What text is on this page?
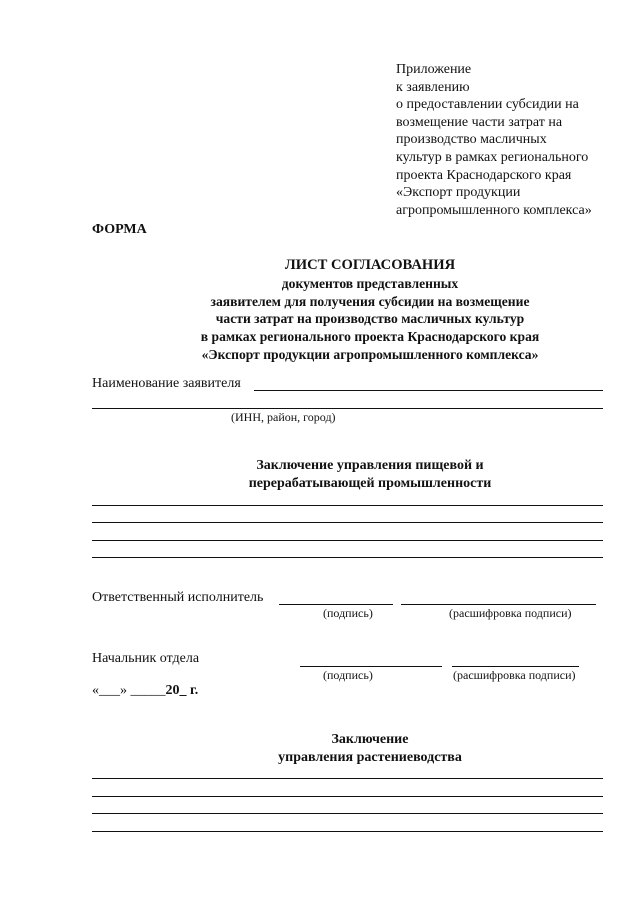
Приложение
к заявлению
о предоставлении субсидии на
возмещение части затрат на
производство масличных
культур в рамках регионального
проекта Краснодарского края
«Экспорт продукции
агропромышленного комплекса»
ФОРМА
ЛИСТ СОГЛАСОВАНИЯ
документов представленных
заявителем для получения субсидии на возмещение
части затрат на производство масличных культур
в рамках регионального проекта Краснодарского края
«Экспорт продукции агропромышленного комплекса»
Наименование заявителя
(ИНН, район, город)
Заключение управления пищевой и
перерабатывающей промышленности
Ответственный исполнитель
(подпись)	(расшифровка подписи)
Начальник отдела
(подпись)	(расшифровка подписи)
«___» _____20_ г.
Заключение
управления растениеводства
